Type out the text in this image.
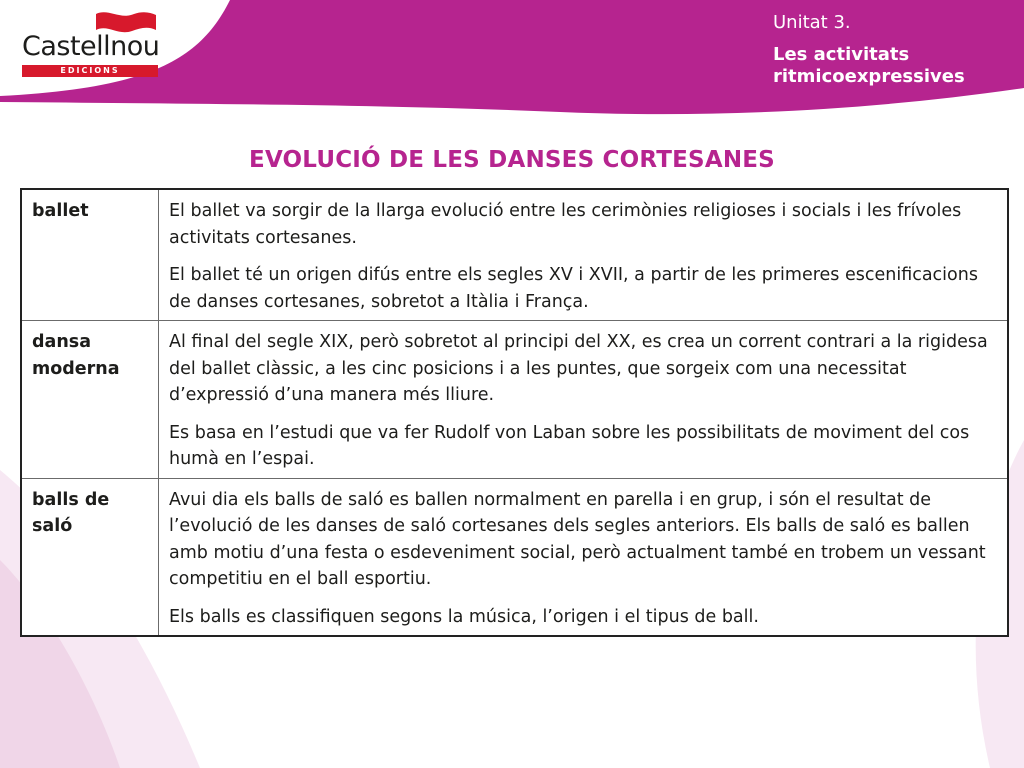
Castellnou
EDICIONS
Unitat 3.
Les activitats ritmicoexpressives
EVOLUCIÓ DE LES DANSES CORTESANES
ballet	El ballet va sorgir de la llarga evolució entre les cerimònies religioses i socials i les frívoles activitats cortesanes.

El ballet té un origen difús entre els segles XV i XVII, a partir de les primeres escenificacions de danses cortesanes, sobretot a Itàlia i França.

dansa moderna	Al final del segle XIX, però sobretot al principi del XX, es crea un corrent contrari a la rigidesa del ballet clàssic, a les cinc posicions i a les puntes, que sorgeix com una necessitat d’expressió d’una manera més lliure.

Es basa en l’estudi que va fer Rudolf von Laban sobre les possibilitats de moviment del cos humà en l’espai.

balls de saló	Avui dia els balls de saló es ballen normalment en parella i en grup, i són el resultat de l’evolució de les danses de saló cortesanes dels segles anteriors. Els balls de saló es ballen amb motiu d’una festa o esdeveniment social, però actualment també en trobem un vessant competitiu en el ball esportiu.

Els balls es classifiquen segons la música, l’origen i el tipus de ball.
